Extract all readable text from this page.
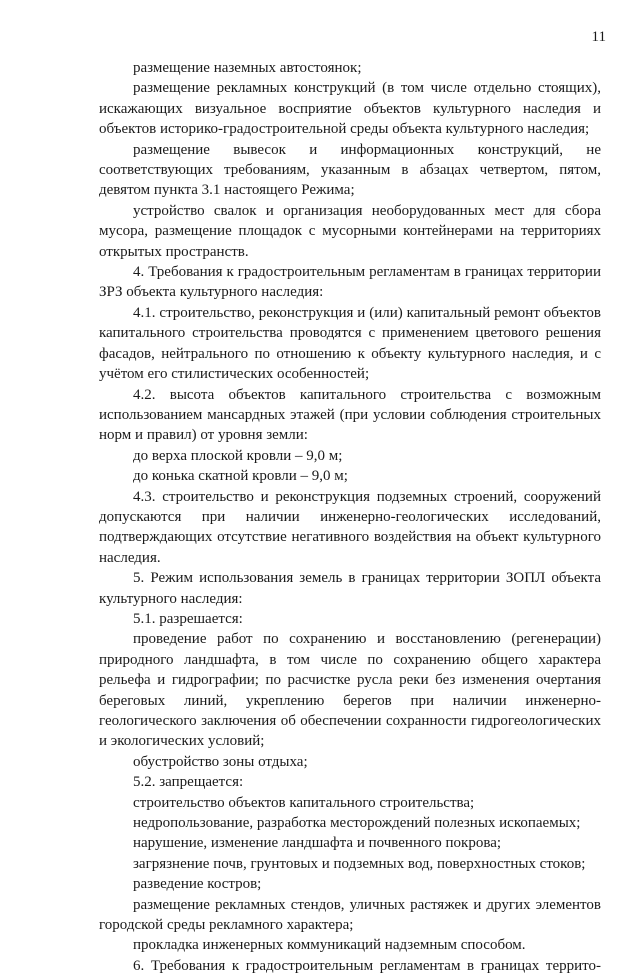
11

размещение наземных автостоянок;

размещение рекламных конструкций (в том числе отдельно стоящих), искажающих визуальное восприятие объектов культурного наследия и объектов историко-градостроительной среды объекта культурного наследия;

размещение вывесок и информационных конструкций, не соответствующих требованиям, указанным в абзацах четвертом, пятом, девятом пункта 3.1 настоящего Режима;

устройство свалок и организация необорудованных мест для сбора мусора, размещение площадок с мусорными контейнерами на территориях открытых пространств.

4. Требования к градостроительным регламентам в границах территории ЗРЗ объекта культурного наследия:

4.1. строительство, реконструкция и (или) капитальный ремонт объектов капитального строительства проводятся с применением цветового решения фасадов, нейтрального по отношению к объекту культурного наследия, и с учётом его стилистических особенностей;

4.2. высота объектов капитального строительства с возможным использованием мансардных этажей (при условии соблюдения строительных норм и правил) от уровня земли:

до верха плоской кровли – 9,0 м;

до конька скатной кровли – 9,0 м;

4.3. строительство и реконструкция подземных строений, сооружений допускаются при наличии инженерно-геологических исследований, подтверждающих отсутствие негативного воздействия на объект культурного наследия.

5. Режим использования земель в границах территории ЗОПЛ объекта культурного наследия:

5.1. разрешается:

проведение работ по сохранению и восстановлению (регенерации) природного ландшафта, в том числе по сохранению общего характера рельефа и гидрографии; по расчистке русла реки без изменения очертания береговых линий, укреплению берегов при наличии инженерно-геологического заключения об обеспечении сохранности гидрогеологических и экологических условий;

обустройство зоны отдыха;

5.2. запрещается:

строительство объектов капитального строительства;

недропользование, разработка месторождений полезных ископаемых;

нарушение, изменение ландшафта и почвенного покрова;

загрязнение почв, грунтовых и подземных вод, поверхностных стоков;

разведение костров;

размещение рекламных стендов, уличных растяжек и других элементов городской среды рекламного характера;

прокладка инженерных коммуникаций надземным способом.

6. Требования к градостроительным регламентам в границах террито-
